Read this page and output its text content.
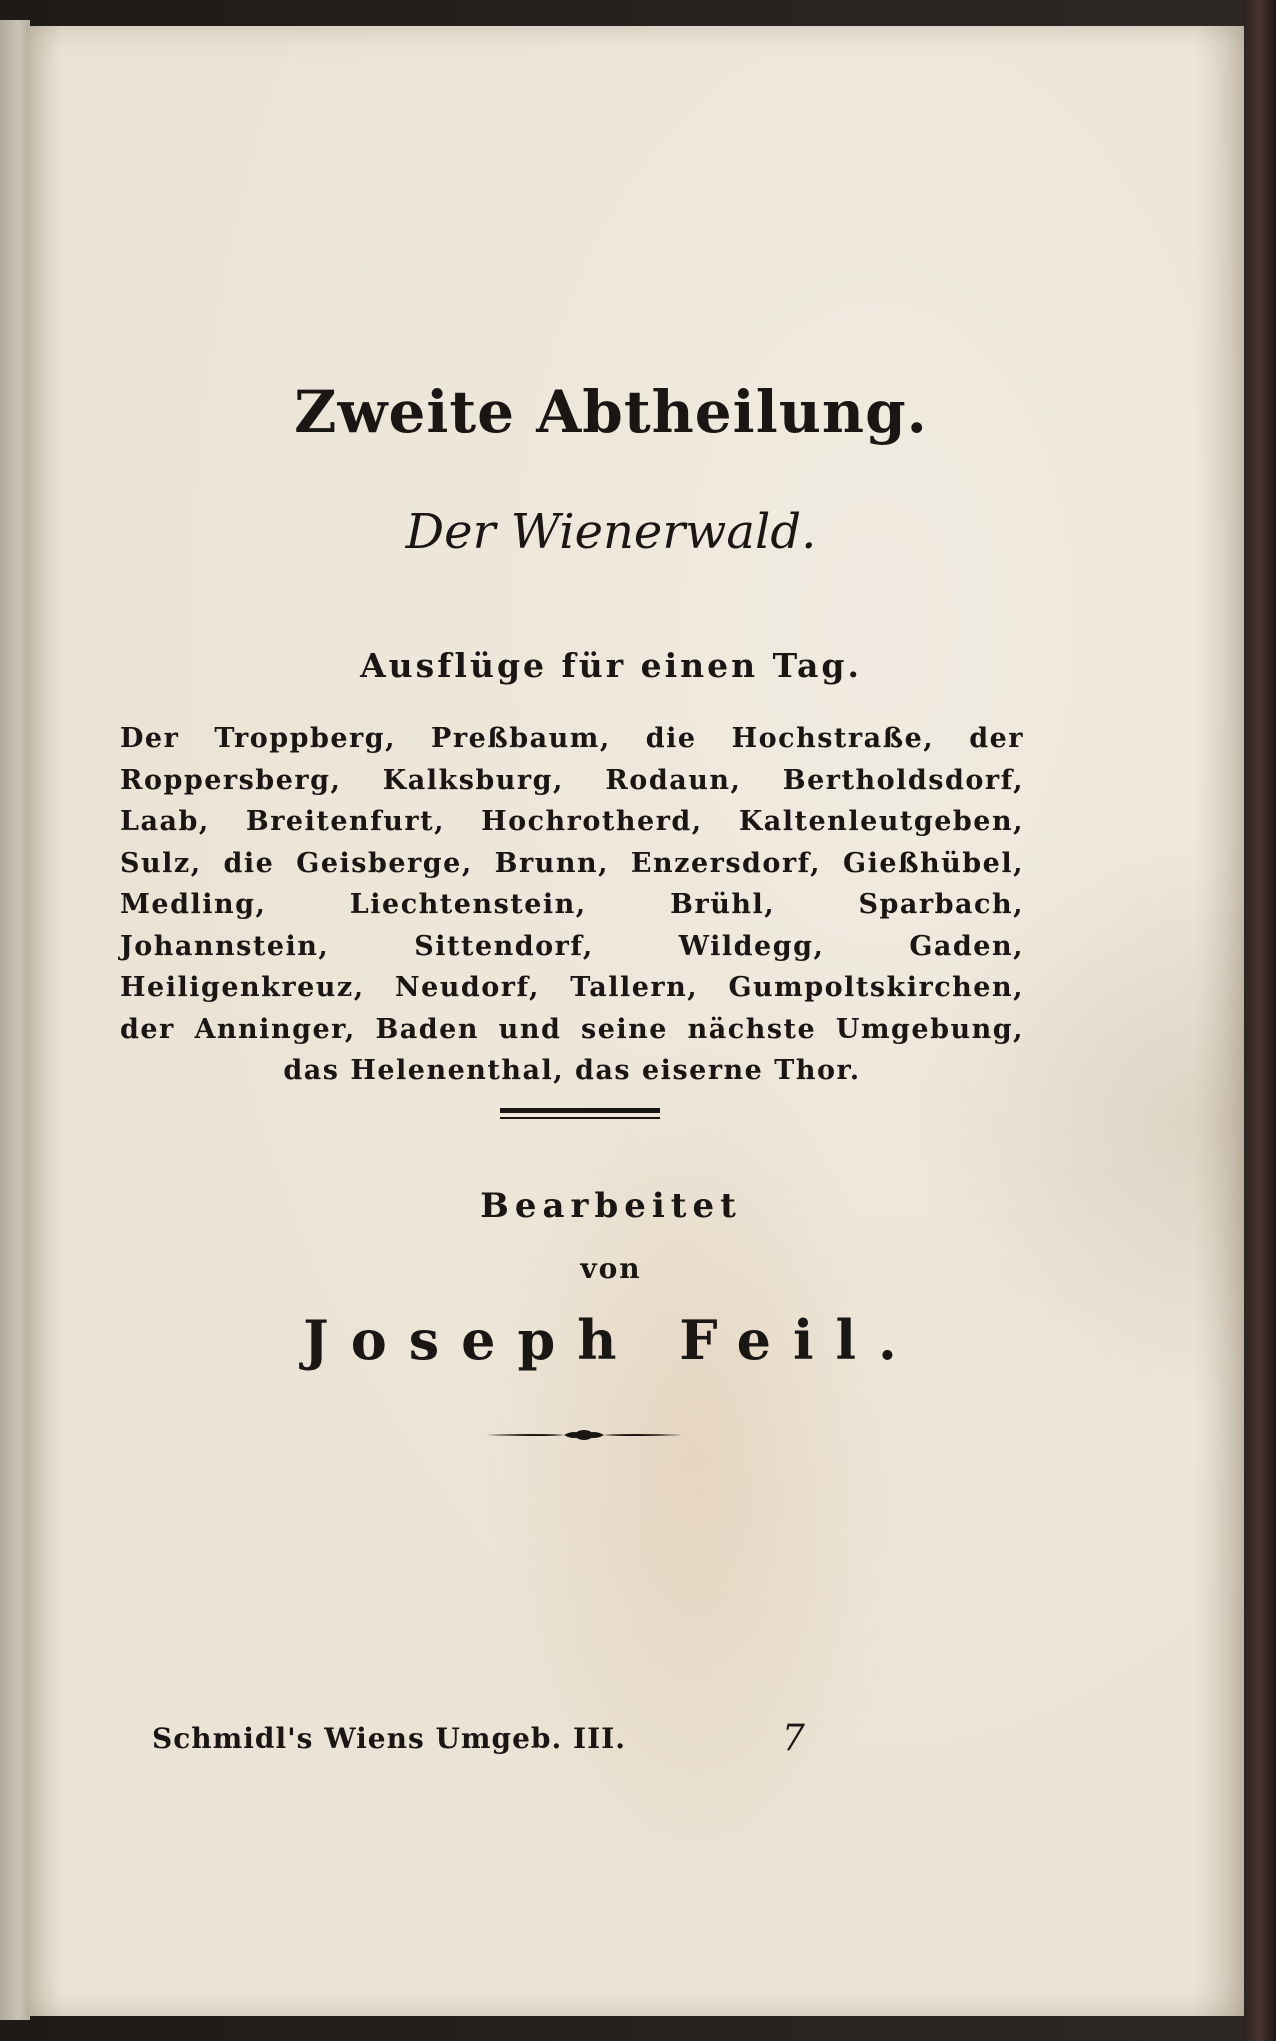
Zweite Abtheilung.
Der Wienerwald.
Ausflüge für einen Tag.
Der Troppberg, Preßbaum, die Hochstraße, der Roppersberg, Kalksburg, Rodaun, Bertholdsdorf, Laab, Breitenfurt, Hochrotherd, Kaltenleutgeben, Sulz, die Geisberge, Brunn, Enzersdorf, Gießhübel, Medling, Liechtenstein, Brühl, Sparbach, Johannstein, Sittendorf, Wildegg, Gaden, Heiligenkreuz, Neudorf, Tallern, Gumpoltskirchen, der Anninger, Baden und seine nächste Umgebung, das Helenenthal, das eiserne Thor.
Bearbeitet
von
Joseph Feil.
Schmidl's Wiens Umgeb. III.	7
